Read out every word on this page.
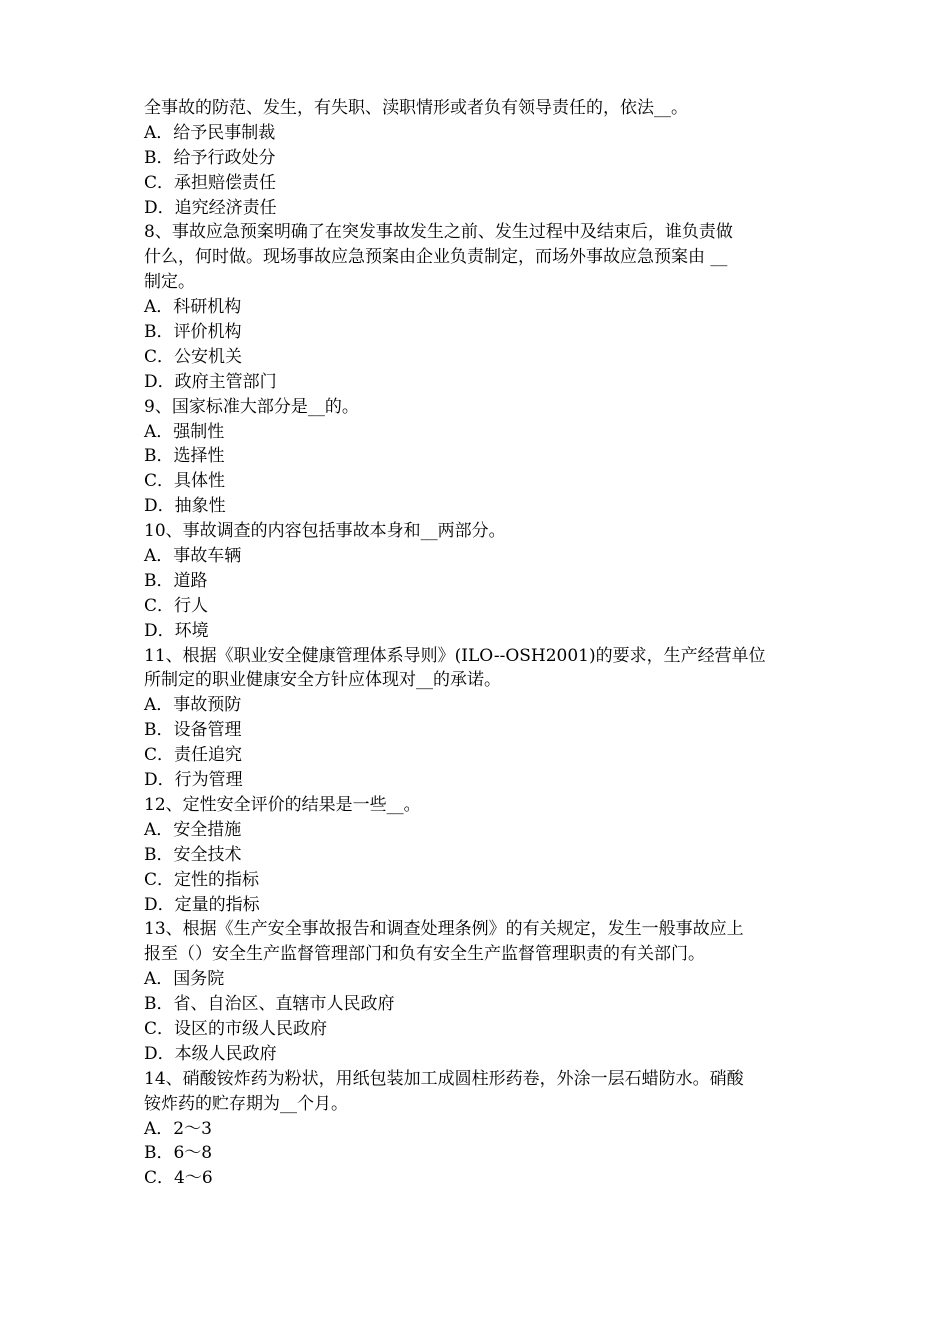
全事故的防范、发生，有失职、渎职情形或者负有领导责任的，依法__。
A．给予民事制裁
B．给予行政处分
C．承担赔偿责任
D．追究经济责任
8、事故应急预案明确了在突发事故发生之前、发生过程中及结束后，谁负责做
什么，何时做。现场事故应急预案由企业负责制定，而场外事故应急预案由 __
制定。
A．科研机构
B．评价机构
C．公安机关
D．政府主管部门
9、国家标准大部分是__的。
A．强制性
B．选择性
C．具体性
D．抽象性
10、事故调查的内容包括事故本身和__两部分。
A．事故车辆
B．道路
C．行人
D．环境
11、根据《职业安全健康管理体系导则》(ILO--OSH2001)的要求，生产经营单位
所制定的职业健康安全方针应体现对__的承诺。
A．事故预防
B．设备管理
C．责任追究
D．行为管理
12、定性安全评价的结果是一些__。
A．安全措施
B．安全技术
C．定性的指标
D．定量的指标
13、根据《生产安全事故报告和调查处理条例》的有关规定，发生一般事故应上
报至（）安全生产监督管理部门和负有安全生产监督管理职责的有关部门。
A．国务院
B．省、自治区、直辖市人民政府
C．设区的市级人民政府
D．本级人民政府
14、硝酸铵炸药为粉状，用纸包装加工成圆柱形药卷，外涂一层石蜡防水。硝酸
铵炸药的贮存期为__个月。
A．2～3
B．6～8
C．4～6
